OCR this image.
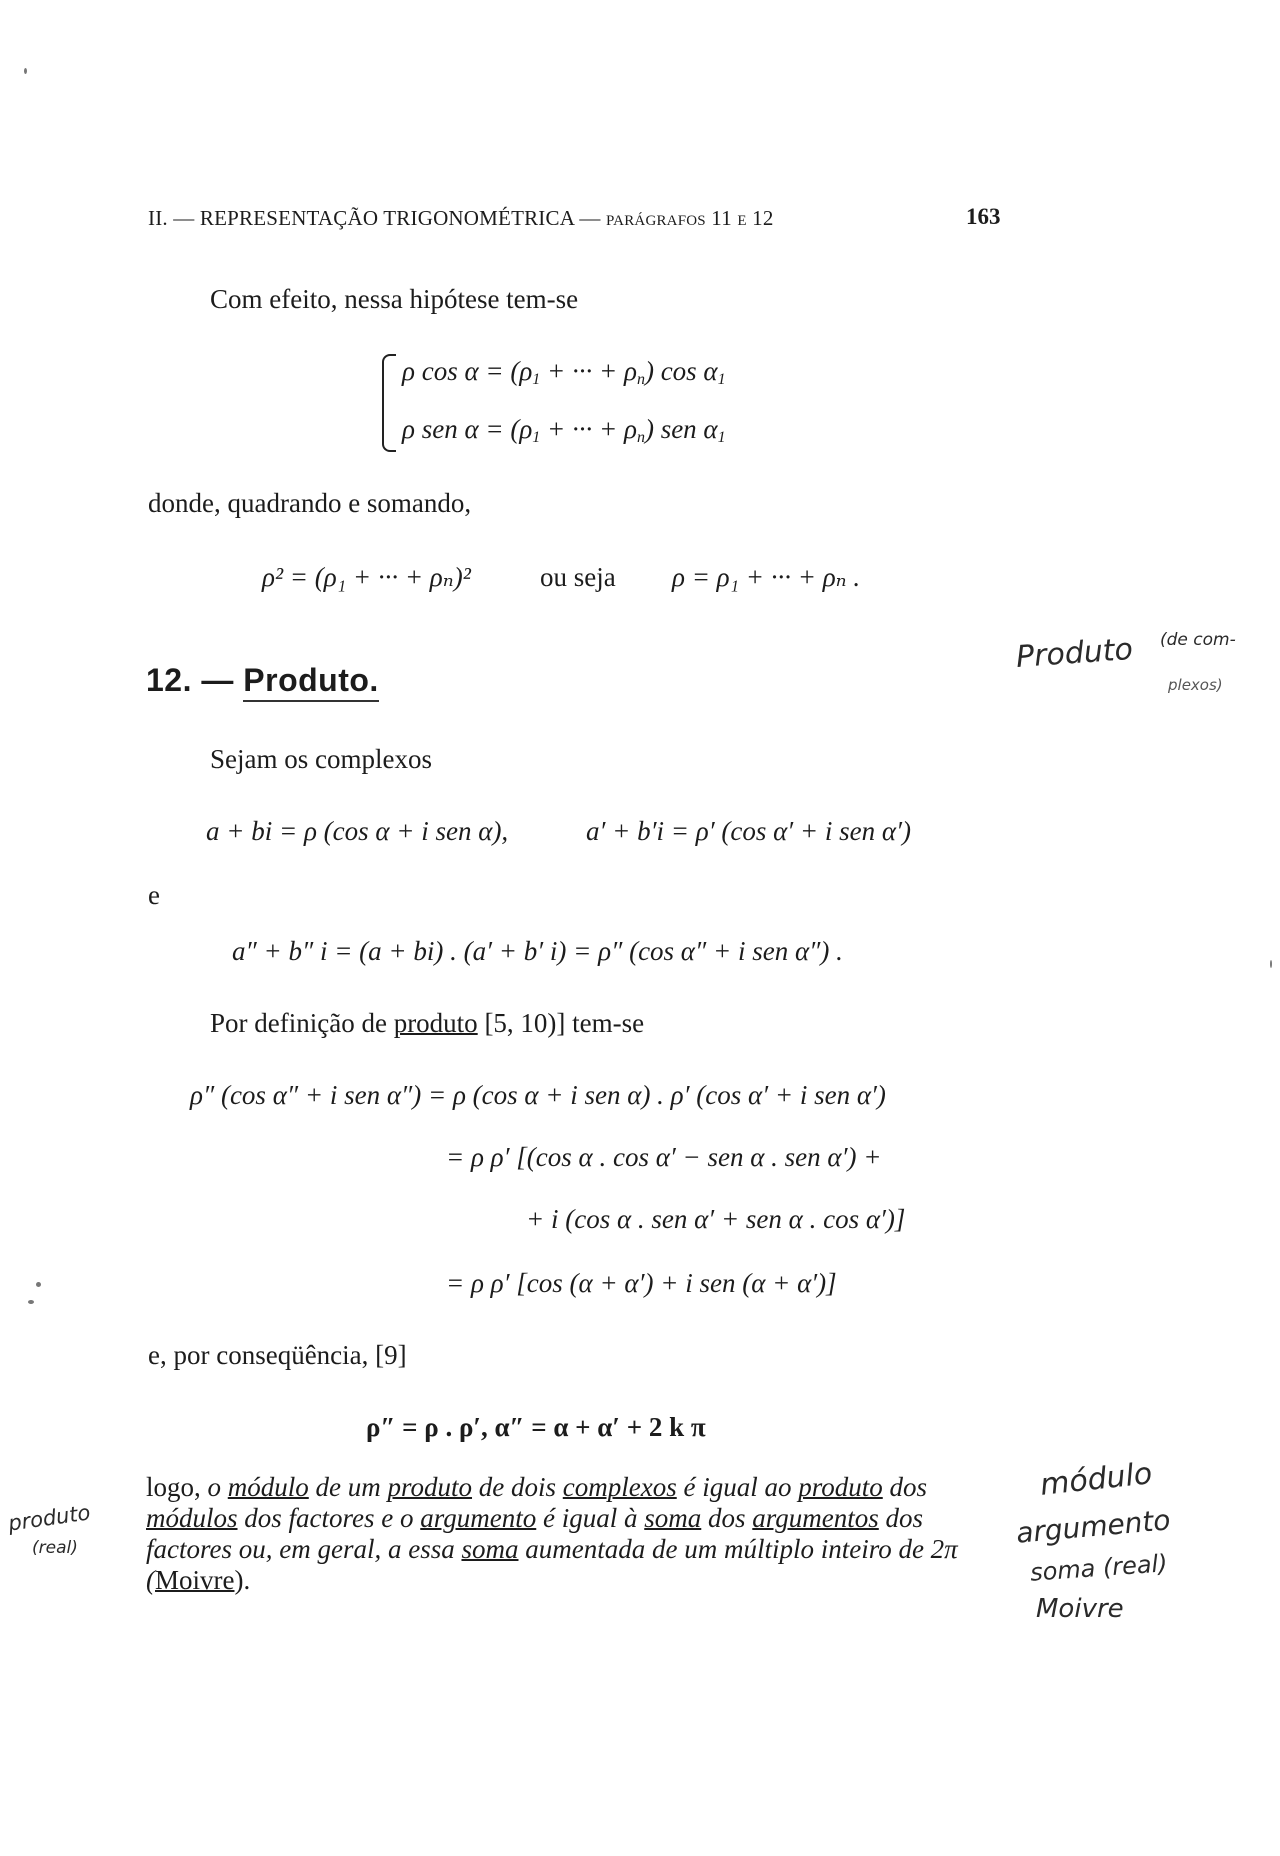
II. — REPRESENTAÇÃO TRIGONOMÉTRICA — parágrafos 11 e 12	163
Com efeito, nessa hipótese tem-se
ρ $\cos \alpha = (\rho_1$ + ··· + $\rho_n$) $\cos \alpha_1$
ρ sen $\alpha = (\rho_1$ + ··· + $\rho_n$) sen $\alpha_1$
donde, quadrando e somando,
ρ² = (ρ₁ + ··· + ρₙ)²	ou seja ρ = ρ₁ + ··· + ρₙ .
12. — Produto.
Produto (de com-
plexos)
Sejam os complexos
a + bi = ρ (cos α + i sen α),	a′ + b′i = ρ′ (cos α′ + i sen α′)
e
a″ + b″ i = (a + bi) . (a′ + b′ i) = ρ″ (cos α″ + i sen α″) .
Por definição de produto [5, 10)] tem-se
ρ″ (cos α″ + i sen α″) = ρ (cos α + i sen α) . ρ′ (cos α′ + i sen α′)
= ρ ρ′ [(cos α . cos α′ − sen α . sen α′) +
+ i (cos α . sen α′ + sen α . cos α′)]
= ρ ρ′ [cos (α + α′) + i sen (α + α′)]
e, por conseqüência, [9]
ρ″ = ρ . ρ′, α″ = α + α′ + 2 k π
logo, o módulo de um produto de dois complexos é igual ao produto dos módulos dos factores e o argumento é igual à soma dos argumentos dos factores ou, em geral, a essa soma aumentada de um múltiplo inteiro de 2π (Moivre).
produto
(real)
módulo
argumento
soma (real)
Moivre
